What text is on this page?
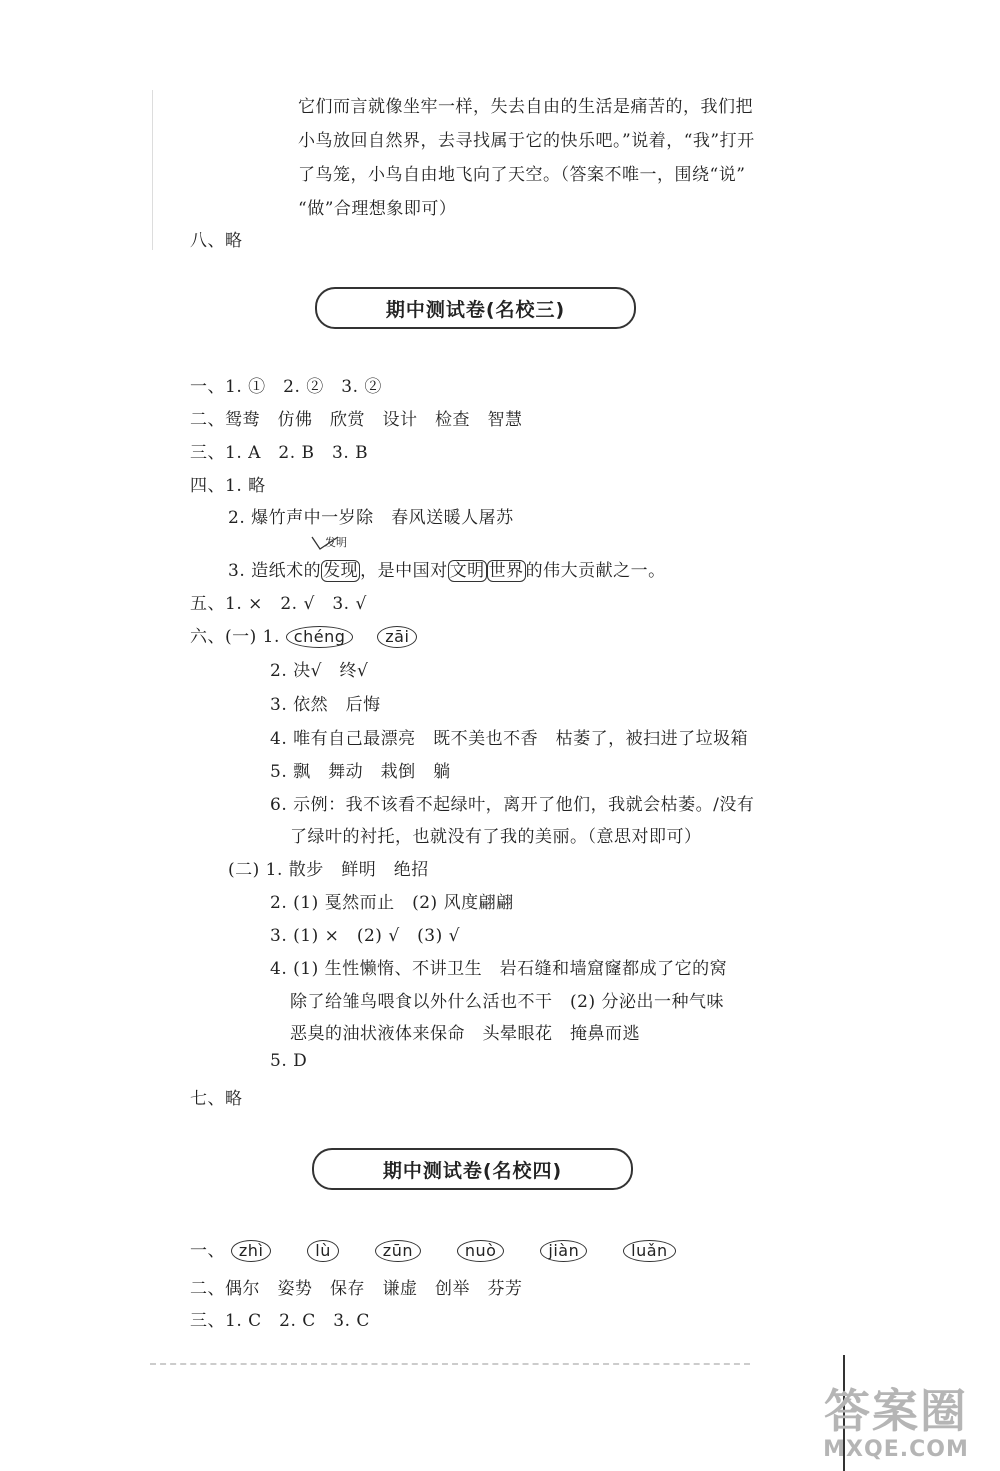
它们而言就像坐牢一样，失去自由的生活是痛苦的，我们把
小鸟放回自然界，去寻找属于它的快乐吧。”说着，“我”打开
了鸟笼，小鸟自由地飞向了天空。（答案不唯一，围绕“说”
“做”合理想象即可）
八、略
期中测试卷(名校三)
一、1. ①　2. ②　3. ②
二、鸳鸯　仿佛　欣赏　设计　检查　智慧
三、1. A　2. B　3. B
四、1. 略
2. 爆竹声中一岁除　春风送暖人屠苏
发明
3. 造纸术的 发现 ，是中国对 文明 世界 的伟大贡献之一。
五、1. ×　2. √　3. √
六、(一) 1. chéng zāi
2. 决√　终√
3. 依然　后悔
4. 唯有自己最漂亮　既不美也不香　枯萎了，被扫进了垃圾箱
5. 飘　舞动　栽倒　躺
6. 示例：我不该看不起绿叶，离开了他们，我就会枯萎。/没有
了绿叶的衬托，也就没有了我的美丽。（意思对即可）
(二) 1. 散步　鲜明　绝招
2. (1) 戛然而止　(2) 风度翩翩
3. (1) ×　(2) √　(3) √
4. (1) 生性懒惰、不讲卫生　岩石缝和墙窟窿都成了它的窝
除了给雏鸟喂食以外什么活也不干　(2) 分泌出一种气味
恶臭的油状液体来保命　头晕眼花　掩鼻而逃
5. D
七、略
期中测试卷(名校四)
一、 zhì	lù	zūn	nuò	jiàn	luǎn
二、偶尔　姿势　保存　谦虚　创举　芬芳
三、1. C　2. C　3. C
答案圈
MXQE.COM
